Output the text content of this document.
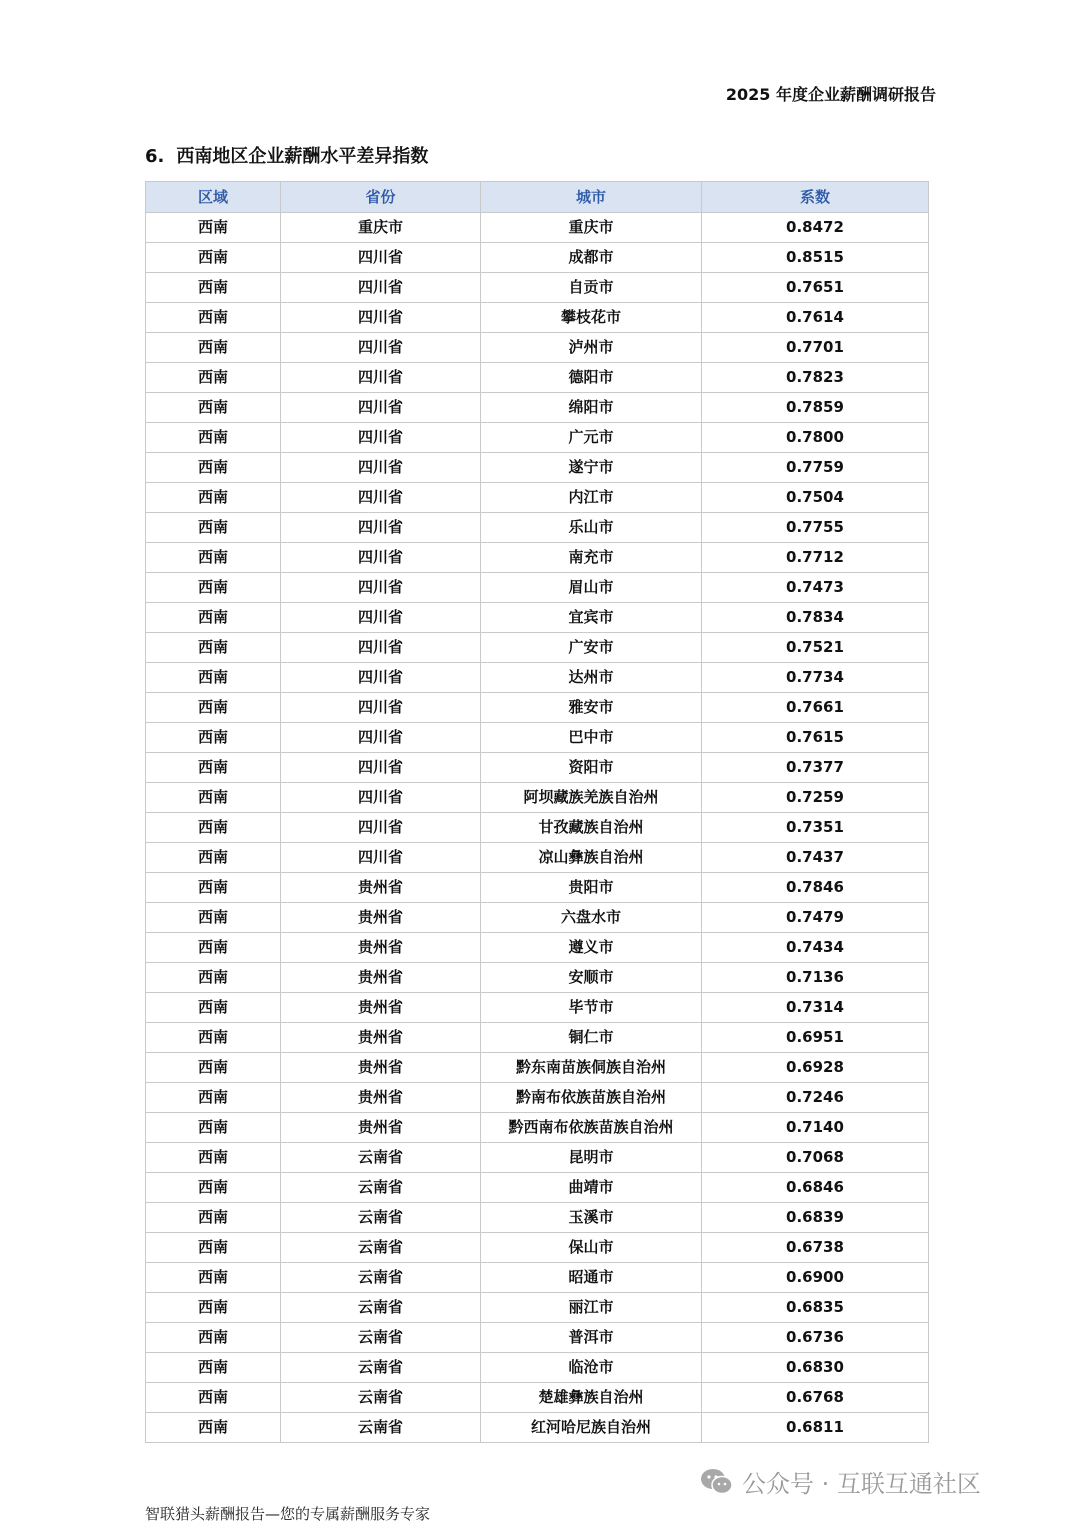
2025 年度企业薪酬调研报告
6. 西南地区企业薪酬水平差异指数
区域	省份	城市	系数
西南	重庆市	重庆市	0.8472
西南	四川省	成都市	0.8515
西南	四川省	自贡市	0.7651
西南	四川省	攀枝花市	0.7614
西南	四川省	泸州市	0.7701
西南	四川省	德阳市	0.7823
西南	四川省	绵阳市	0.7859
西南	四川省	广元市	0.7800
西南	四川省	遂宁市	0.7759
西南	四川省	内江市	0.7504
西南	四川省	乐山市	0.7755
西南	四川省	南充市	0.7712
西南	四川省	眉山市	0.7473
西南	四川省	宜宾市	0.7834
西南	四川省	广安市	0.7521
西南	四川省	达州市	0.7734
西南	四川省	雅安市	0.7661
西南	四川省	巴中市	0.7615
西南	四川省	资阳市	0.7377
西南	四川省	阿坝藏族羌族自治州	0.7259
西南	四川省	甘孜藏族自治州	0.7351
西南	四川省	凉山彝族自治州	0.7437
西南	贵州省	贵阳市	0.7846
西南	贵州省	六盘水市	0.7479
西南	贵州省	遵义市	0.7434
西南	贵州省	安顺市	0.7136
西南	贵州省	毕节市	0.7314
西南	贵州省	铜仁市	0.6951
西南	贵州省	黔东南苗族侗族自治州	0.6928
西南	贵州省	黔南布依族苗族自治州	0.7246
西南	贵州省	黔西南布依族苗族自治州	0.7140
西南	云南省	昆明市	0.7068
西南	云南省	曲靖市	0.6846
西南	云南省	玉溪市	0.6839
西南	云南省	保山市	0.6738
西南	云南省	昭通市	0.6900
西南	云南省	丽江市	0.6835
西南	云南省	普洱市	0.6736
西南	云南省	临沧市	0.6830
西南	云南省	楚雄彝族自治州	0.6768
西南	云南省	红河哈尼族自治州	0.6811
公众号 · 互联互通社区
智联猎头薪酬报告—您的专属薪酬服务专家
